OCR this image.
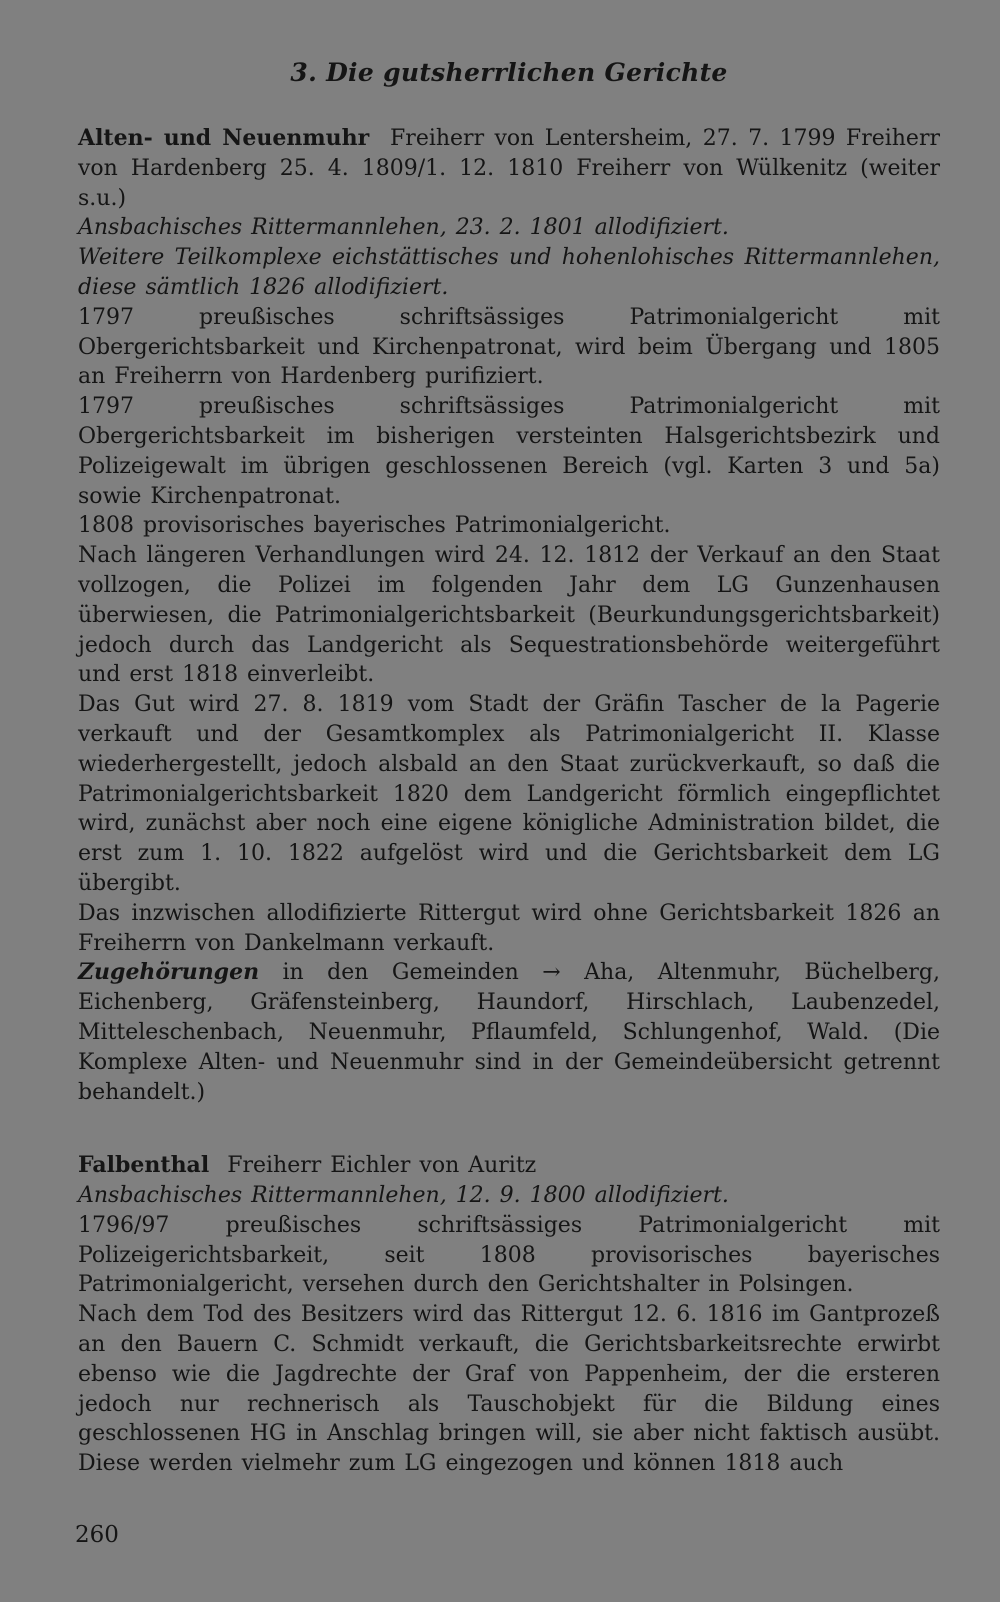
3. Die gutsherrlichen Gerichte

Alten- und Neuenmuhr Freiherr von Lentersheim, 27. 7. 1799 Freiherr von Hardenberg 25. 4. 1809/1. 12. 1810 Freiherr von Wülkenitz (weiter s.u.)

Ansbachisches Rittermannlehen, 23. 2. 1801 allodifiziert.

Weitere Teilkomplexe eichstättisches und hohenlohisches Rittermannlehen, diese sämtlich 1826 allodifiziert.

1797 preußisches schriftsässiges Patrimonialgericht mit Obergerichtsbarkeit und Kirchenpatronat, wird beim Übergang und 1805 an Freiherrn von Hardenberg purifiziert.

1797 preußisches schriftsässiges Patrimonialgericht mit Obergerichtsbarkeit im bisherigen versteinten Halsgerichtsbezirk und Polizeigewalt im übrigen geschlossenen Bereich (vgl. Karten 3 und 5a) sowie Kirchenpatronat.

1808 provisorisches bayerisches Patrimonialgericht.

Nach längeren Verhandlungen wird 24. 12. 1812 der Verkauf an den Staat vollzogen, die Polizei im folgenden Jahr dem LG Gunzenhausen überwiesen, die Patrimonialgerichtsbarkeit (Beurkundungsgerichtsbarkeit) jedoch durch das Landgericht als Sequestrationsbehörde weitergeführt und erst 1818 einverleibt.

Das Gut wird 27. 8. 1819 vom Stadt der Gräfin Tascher de la Pagerie verkauft und der Gesamtkomplex als Patrimonialgericht II. Klasse wiederhergestellt, jedoch alsbald an den Staat zurückverkauft, so daß die Patrimonialgerichtsbarkeit 1820 dem Landgericht förmlich eingepflichtet wird, zunächst aber noch eine eigene königliche Administration bildet, die erst zum 1. 10. 1822 aufgelöst wird und die Gerichtsbarkeit dem LG übergibt.

Das inzwischen allodifizierte Rittergut wird ohne Gerichtsbarkeit 1826 an Freiherrn von Dankelmann verkauft.

Zugehörungen in den Gemeinden → Aha, Altenmuhr, Büchelberg, Eichenberg, Gräfensteinberg, Haundorf, Hirschlach, Laubenzedel, Mitteleschenbach, Neuenmuhr, Pflaumfeld, Schlungenhof, Wald. (Die Komplexe Alten- und Neuenmuhr sind in der Gemeindeübersicht getrennt behandelt.)

Falbenthal Freiherr Eichler von Auritz

Ansbachisches Rittermannlehen, 12. 9. 1800 allodifiziert.

1796/97 preußisches schriftsässiges Patrimonialgericht mit Polizeigerichtsbarkeit, seit 1808 provisorisches bayerisches Patrimonialgericht, versehen durch den Gerichtshalter in Polsingen.

Nach dem Tod des Besitzers wird das Rittergut 12. 6. 1816 im Gantprozeß an den Bauern C. Schmidt verkauft, die Gerichtsbarkeitsrechte erwirbt ebenso wie die Jagdrechte der Graf von Pappenheim, der die ersteren jedoch nur rechnerisch als Tauschobjekt für die Bildung eines geschlossenen HG in Anschlag bringen will, sie aber nicht faktisch ausübt. Diese werden vielmehr zum LG eingezogen und können 1818 auch

260
